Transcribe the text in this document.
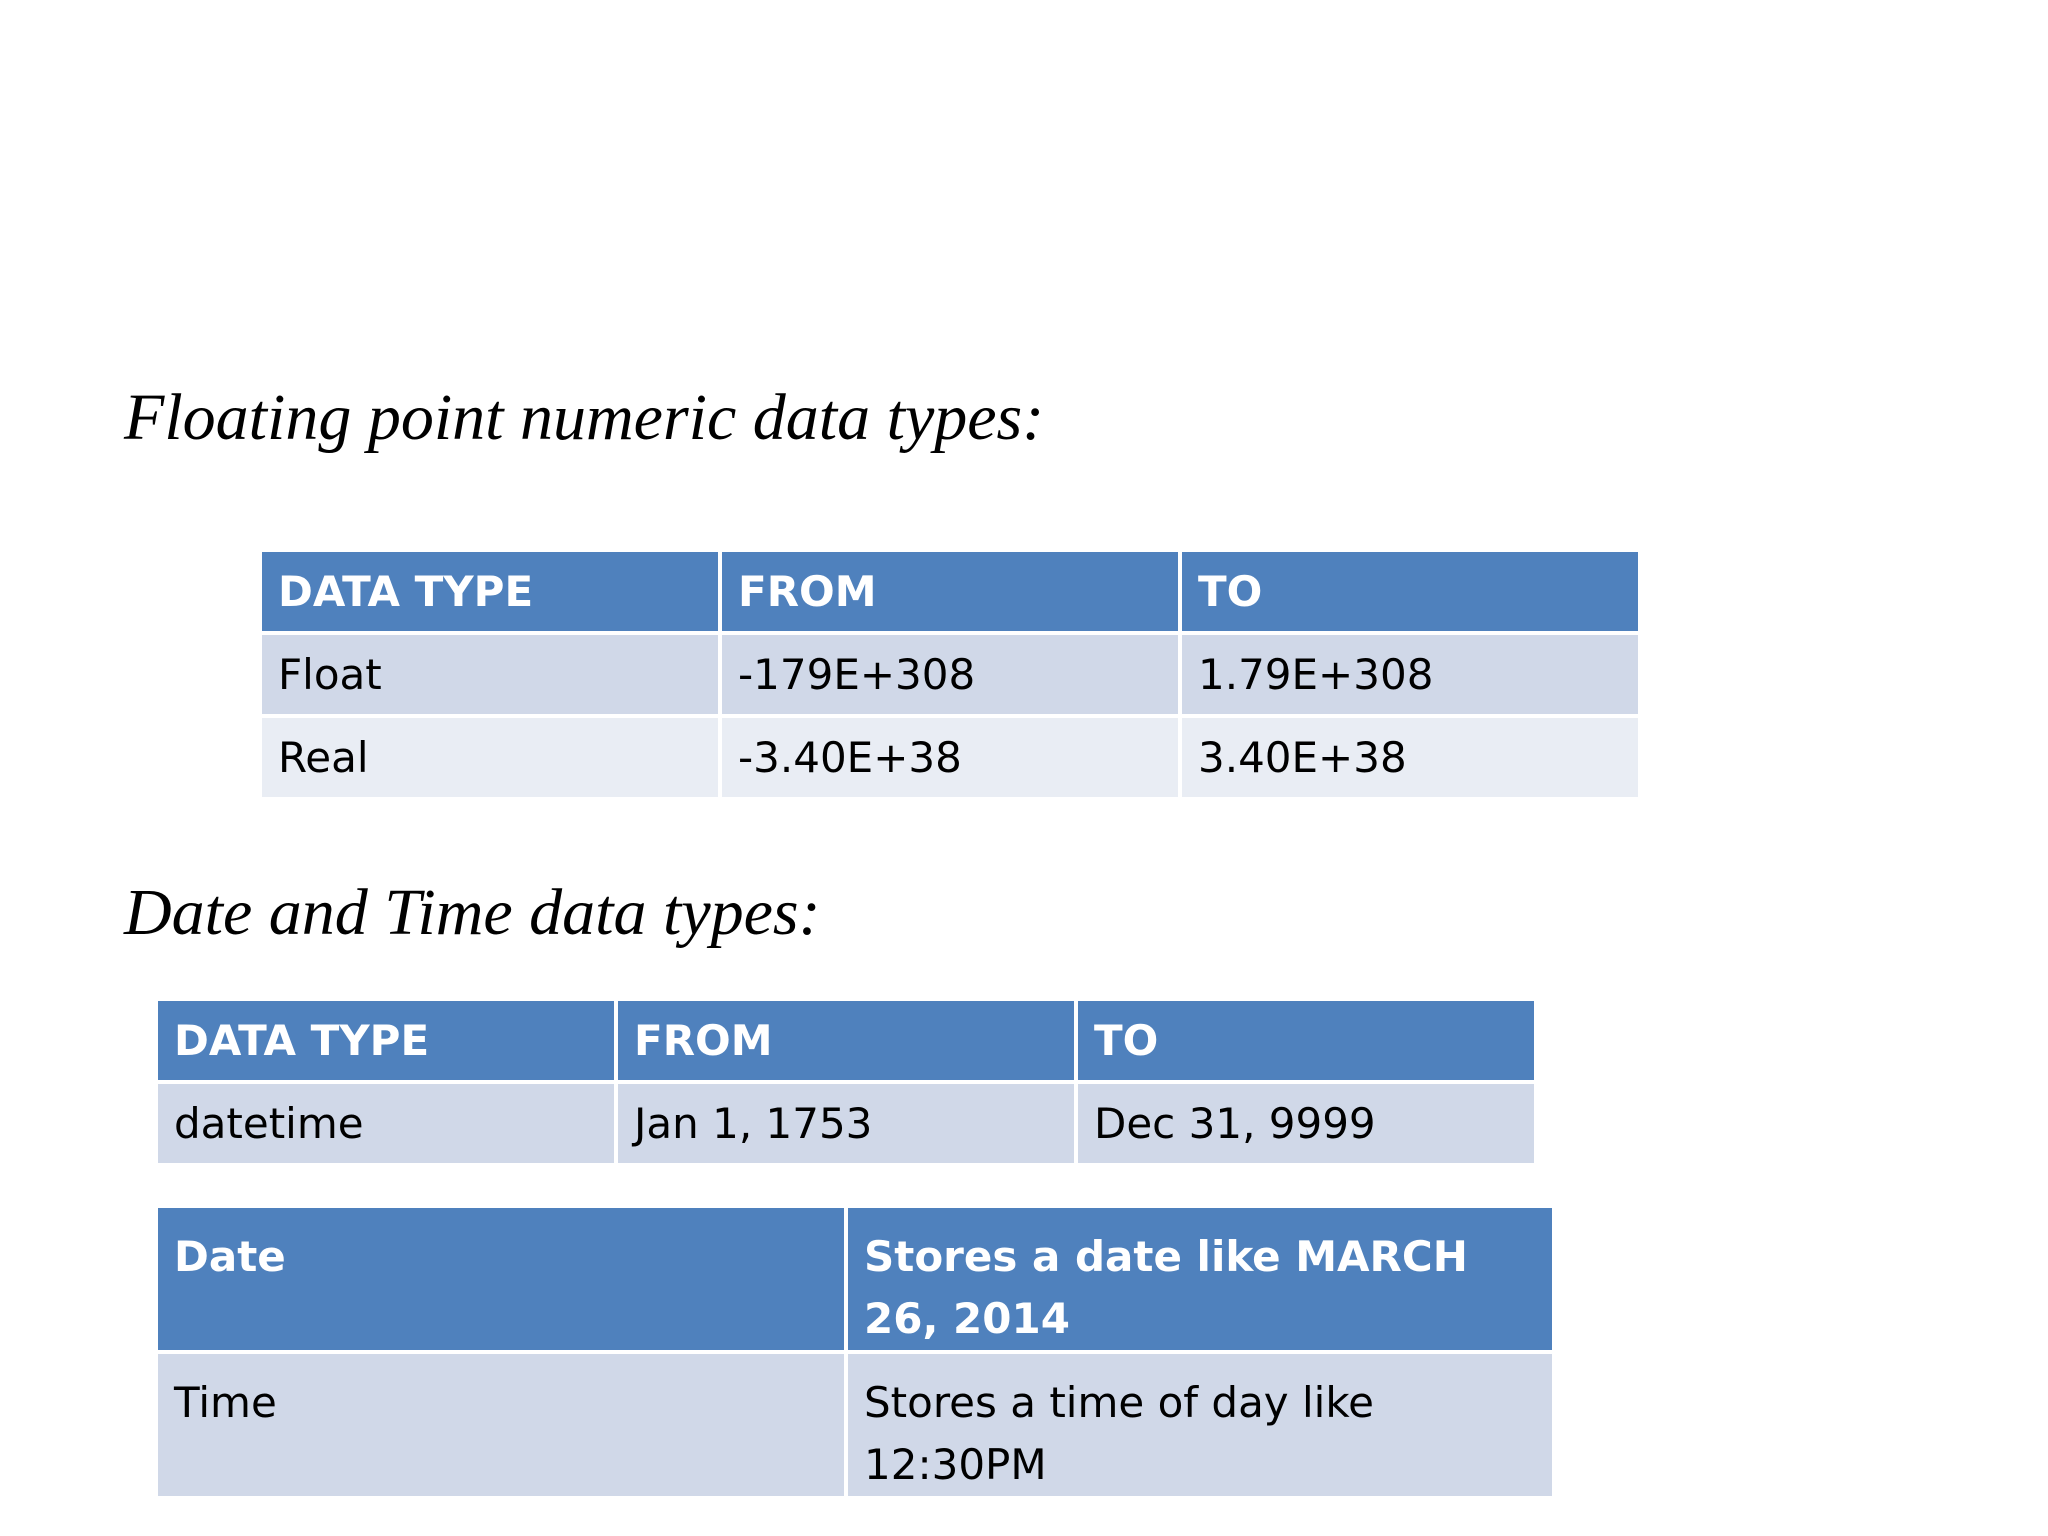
Floating point numeric data types:
DATA TYPE	FROM	TO
Float	-179E+308	1.79E+308
Real	-3.40E+38	3.40E+38
Date and Time data types:
DATA TYPE	FROM	TO
datetime	Jan 1, 1753	Dec 31, 9999
Date	Stores a date like MARCH 26, 2014
Time	Stores a time of day like 12:30PM
